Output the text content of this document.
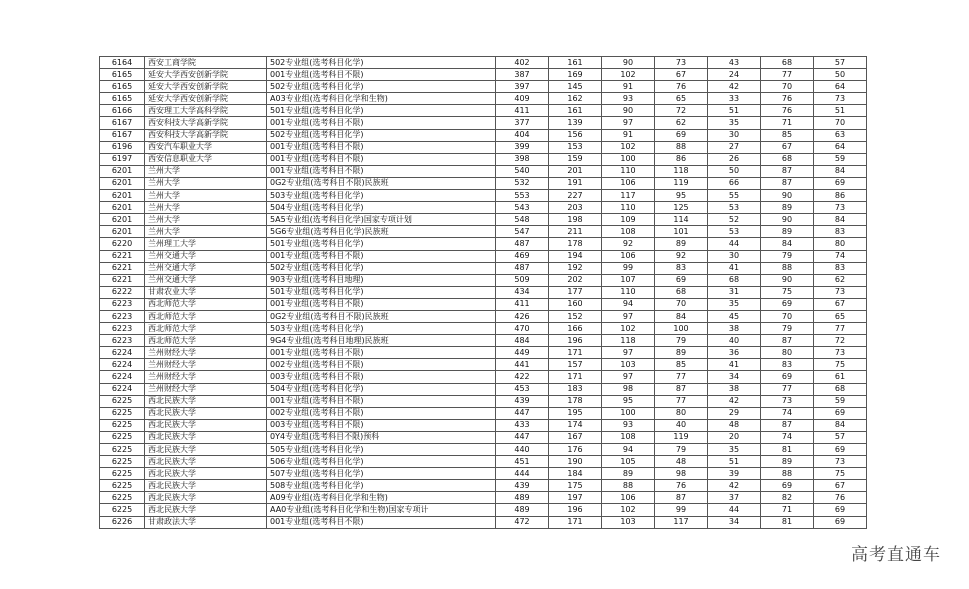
6164	西安工商学院	502专业组(选考科目化学)	402	161	90	73	43	68	57
6165	延安大学西安创新学院	001专业组(选考科目不限)	387	169	102	67	24	77	50
6165	延安大学西安创新学院	502专业组(选考科目化学)	397	145	91	76	42	70	64
6165	延安大学西安创新学院	A03专业组(选考科目化学和生物)	409	162	93	65	33	76	73
6166	西安理工大学高科学院	501专业组(选考科目化学)	411	161	90	72	51	76	51
6167	西安科技大学高新学院	001专业组(选考科目不限)	377	139	97	62	35	71	70
6167	西安科技大学高新学院	502专业组(选考科目化学)	404	156	91	69	30	85	63
6196	西安汽车职业大学	001专业组(选考科目不限)	399	153	102	88	27	67	64
6197	西安信息职业大学	001专业组(选考科目不限)	398	159	100	86	26	68	59
6201	兰州大学	001专业组(选考科目不限)	540	201	110	118	50	87	84
6201	兰州大学	0G2专业组(选考科目不限)民族班	532	191	106	119	66	87	69
6201	兰州大学	503专业组(选考科目化学)	553	227	117	95	55	90	86
6201	兰州大学	504专业组(选考科目化学)	543	203	110	125	53	89	73
6201	兰州大学	5A5专业组(选考科目化学)国家专项计划	548	198	109	114	52	90	84
6201	兰州大学	5G6专业组(选考科目化学)民族班	547	211	108	101	53	89	83
6220	兰州理工大学	501专业组(选考科目化学)	487	178	92	89	44	84	80
6221	兰州交通大学	001专业组(选考科目不限)	469	194	106	92	30	79	74
6221	兰州交通大学	502专业组(选考科目化学)	487	192	99	83	41	88	83
6221	兰州交通大学	903专业组(选考科目地理)	509	202	107	69	68	90	62
6222	甘肃农业大学	501专业组(选考科目化学)	434	177	110	68	31	75	73
6223	西北师范大学	001专业组(选考科目不限)	411	160	94	70	35	69	67
6223	西北师范大学	0G2专业组(选考科目不限)民族班	426	152	97	84	45	70	65
6223	西北师范大学	503专业组(选考科目化学)	470	166	102	100	38	79	77
6223	西北师范大学	9G4专业组(选考科目地理)民族班	484	196	118	79	40	87	72
6224	兰州财经大学	001专业组(选考科目不限)	449	171	97	89	36	80	73
6224	兰州财经大学	002专业组(选考科目不限)	441	157	103	85	41	83	75
6224	兰州财经大学	003专业组(选考科目不限)	422	171	97	77	34	69	61
6224	兰州财经大学	504专业组(选考科目化学)	453	183	98	87	38	77	68
6225	西北民族大学	001专业组(选考科目不限)	439	178	95	77	42	73	59
6225	西北民族大学	002专业组(选考科目不限)	447	195	100	80	29	74	69
6225	西北民族大学	003专业组(选考科目不限)	433	174	93	40	48	87	84
6225	西北民族大学	0Y4专业组(选考科目不限)预科	447	167	108	119	20	74	57
6225	西北民族大学	505专业组(选考科目化学)	440	176	94	79	35	81	69
6225	西北民族大学	506专业组(选考科目化学)	451	190	105	48	51	89	73
6225	西北民族大学	507专业组(选考科目化学)	444	184	89	98	39	88	75
6225	西北民族大学	508专业组(选考科目化学)	439	175	88	76	42	69	67
6225	西北民族大学	A09专业组(选考科目化学和生物)	489	197	106	87	37	82	76
6225	西北民族大学	AA0专业组(选考科目化学和生物)国家专项计	489	196	102	99	44	71	69
6226	甘肃政法大学	001专业组(选考科目不限)	472	171	103	117	34	81	69
高考直通车
